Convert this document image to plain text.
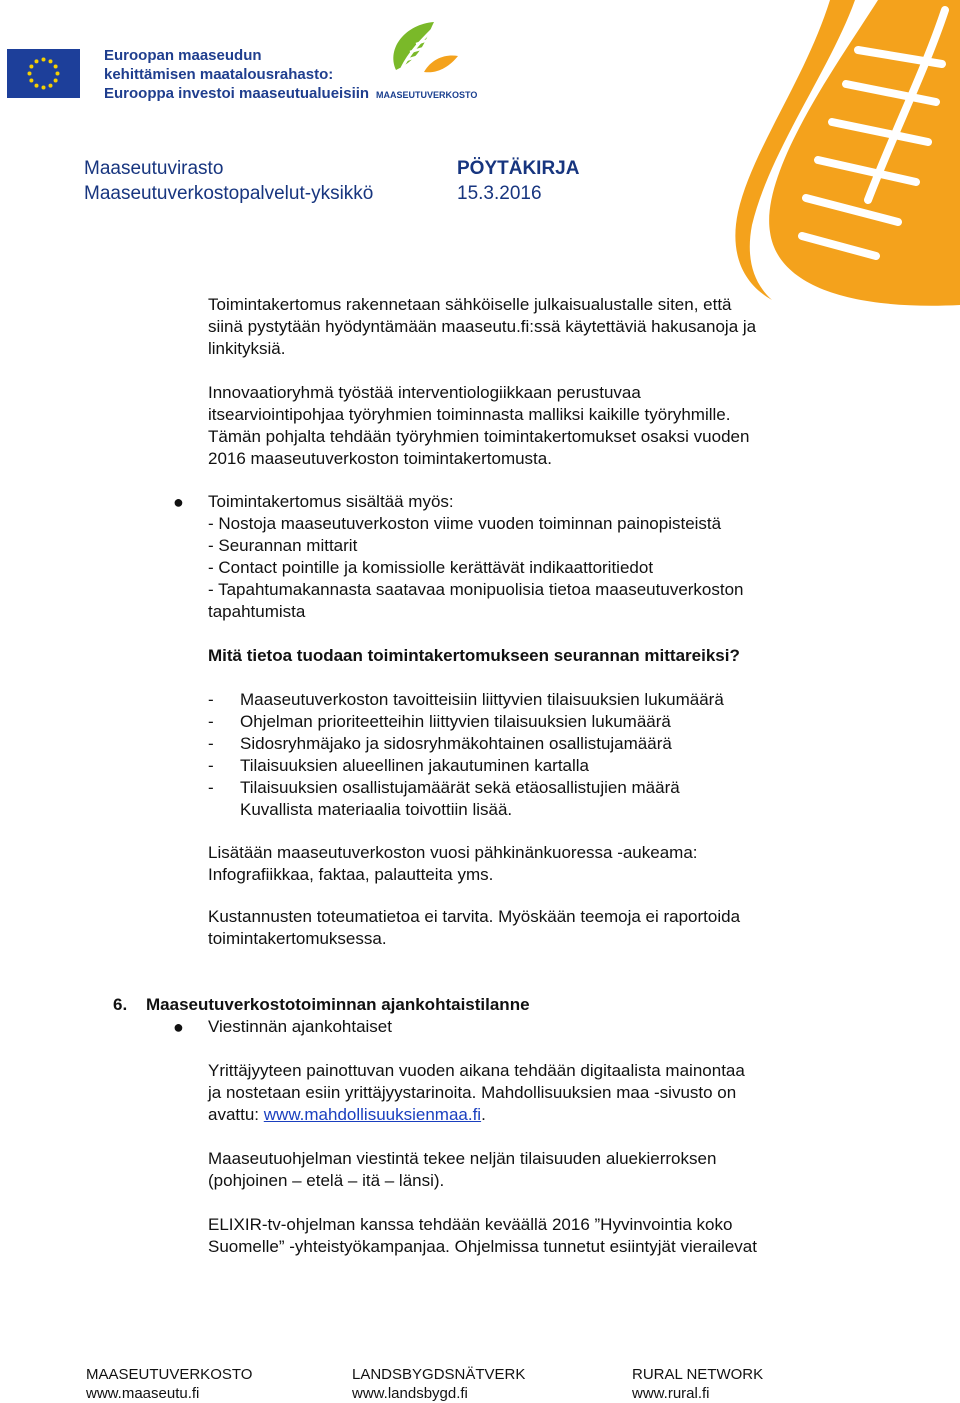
Euroopan maaseudun
kehittämisen maatalousrahasto:
Eurooppa investoi maaseutualueisiin MAASEUTUVERKOSTO
Maaseutuvirasto
Maaseutuverkostopalvelut-yksikkö
PÖYTÄKIRJA
15.3.2016
Toimintakertomus rakennetaan sähköiselle julkaisualustalle siten, että
siinä pystytään hyödyntämään maaseutu.fi:ssä käytettäviä hakusanoja ja
linkityksiä.
Innovaatioryhmä työstää interventiologiikkaan perustuvaa
itsearviointipohjaa työryhmien toiminnasta malliksi kaikille työryhmille.
Tämän pohjalta tehdään työryhmien toimintakertomukset osaksi vuoden
2016 maaseutuverkoston toimintakertomusta.
● Toimintakertomus sisältää myös:
- Nostoja maaseutuverkoston viime vuoden toiminnan painopisteistä
- Seurannan mittarit
- Contact pointille ja komissiolle kerättävät indikaattoritiedot
- Tapahtumakannasta saatavaa monipuolisia tietoa maaseutuverkoston
tapahtumista
Mitä tietoa tuodaan toimintakertomukseen seurannan mittareiksi?
- Maaseutuverkoston tavoitteisiin liittyvien tilaisuuksien lukumäärä
- Ohjelman prioriteetteihin liittyvien tilaisuuksien lukumäärä
- Sidosryhmäjako ja sidosryhmäkohtainen osallistujamäärä
- Tilaisuuksien alueellinen jakautuminen kartalla
- Tilaisuuksien osallistujamäärät sekä etäosallistujien määrä
Kuvallista materiaalia toivottiin lisää.
Lisätään maaseutuverkoston vuosi pähkinänkuoressa -aukeama:
Infografiikkaa, faktaa, palautteita yms.
Kustannusten toteumatietoa ei tarvita. Myöskään teemoja ei raportoida
toimintakertomuksessa.
6. Maaseutuverkostotoiminnan ajankohtaistilanne
● Viestinnän ajankohtaiset
Yrittäjyyteen painottuvan vuoden aikana tehdään digitaalista mainontaa
ja nostetaan esiin yrittäjyystarinoita. Mahdollisuuksien maa -sivusto on
avattu: www.mahdollisuuksienmaa.fi.
Maaseutuohjelman viestintä tekee neljän tilaisuuden aluekierroksen
(pohjoinen – etelä – itä – länsi).
ELIXIR-tv-ohjelman kanssa tehdään keväällä 2016 ”Hyvinvointia koko
Suomelle” -yhteistyökampanjaa. Ohjelmissa tunnetut esiintyjät vierailevat
MAASEUTUVERKOSTO
www.maaseutu.fi
LANDSBYGDSNÄTVERK
www.landsbygd.fi
RURAL NETWORK
www.rural.fi
